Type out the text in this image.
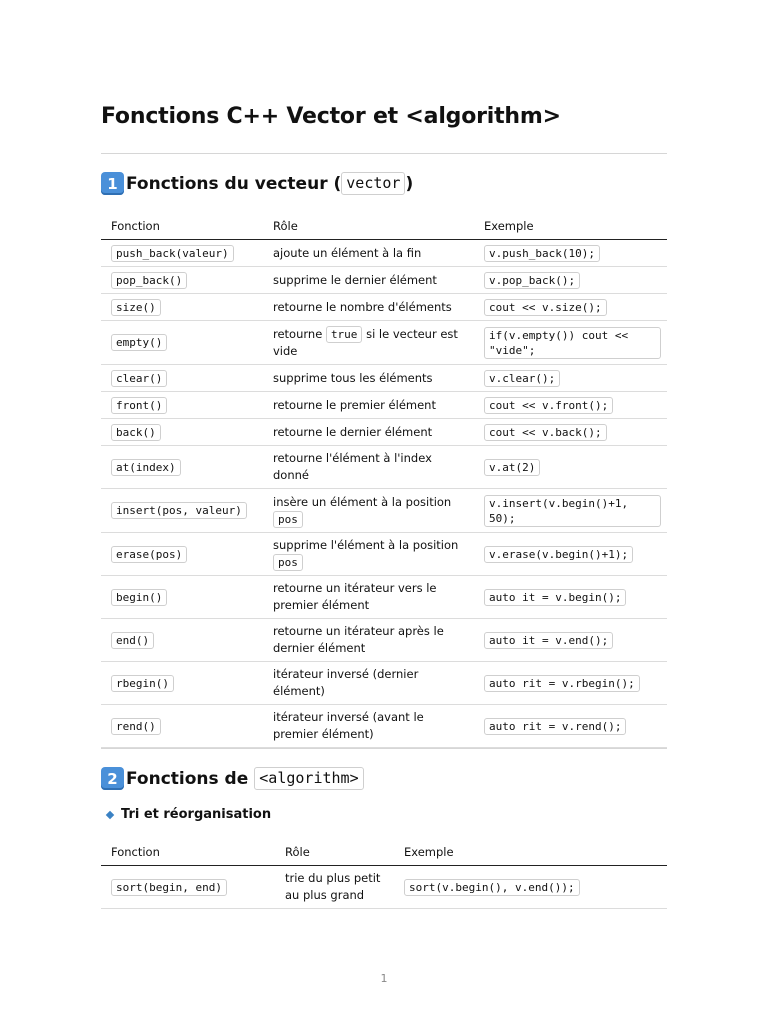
Fonctions C++ Vector et <algorithm>
1 Fonctions du vecteur ( vector )
Fonction	Rôle	Exemple
push_back(valeur)	ajoute un élément à la fin	v.push_back(10);
pop_back()	supprime le dernier élément	v.pop_back();
size()	retourne le nombre d'éléments	cout << v.size();
empty()	retourne true si le vecteur est vide	if(v.empty()) cout << "vide";
clear()	supprime tous les éléments	v.clear();
front()	retourne le premier élément	cout << v.front();
back()	retourne le dernier élément	cout << v.back();
at(index)	retourne l'élément à l'index donné	v.at(2)
insert(pos, valeur)	insère un élément à la position pos	v.insert(v.begin()+1, 50);
erase(pos)	supprime l'élément à la position pos	v.erase(v.begin()+1);
begin()	retourne un itérateur vers le premier élément	auto it = v.begin();
end()	retourne un itérateur après le dernier élément	auto it = v.end();
rbegin()	itérateur inversé (dernier élément)	auto rit = v.rbegin();
rend()	itérateur inversé (avant le premier élément)	auto rit = v.rend();
2 Fonctions de <algorithm>
Tri et réorganisation
Fonction	Rôle	Exemple
sort(begin, end)	trie du plus petit au plus grand	sort(v.begin(), v.end());
1
